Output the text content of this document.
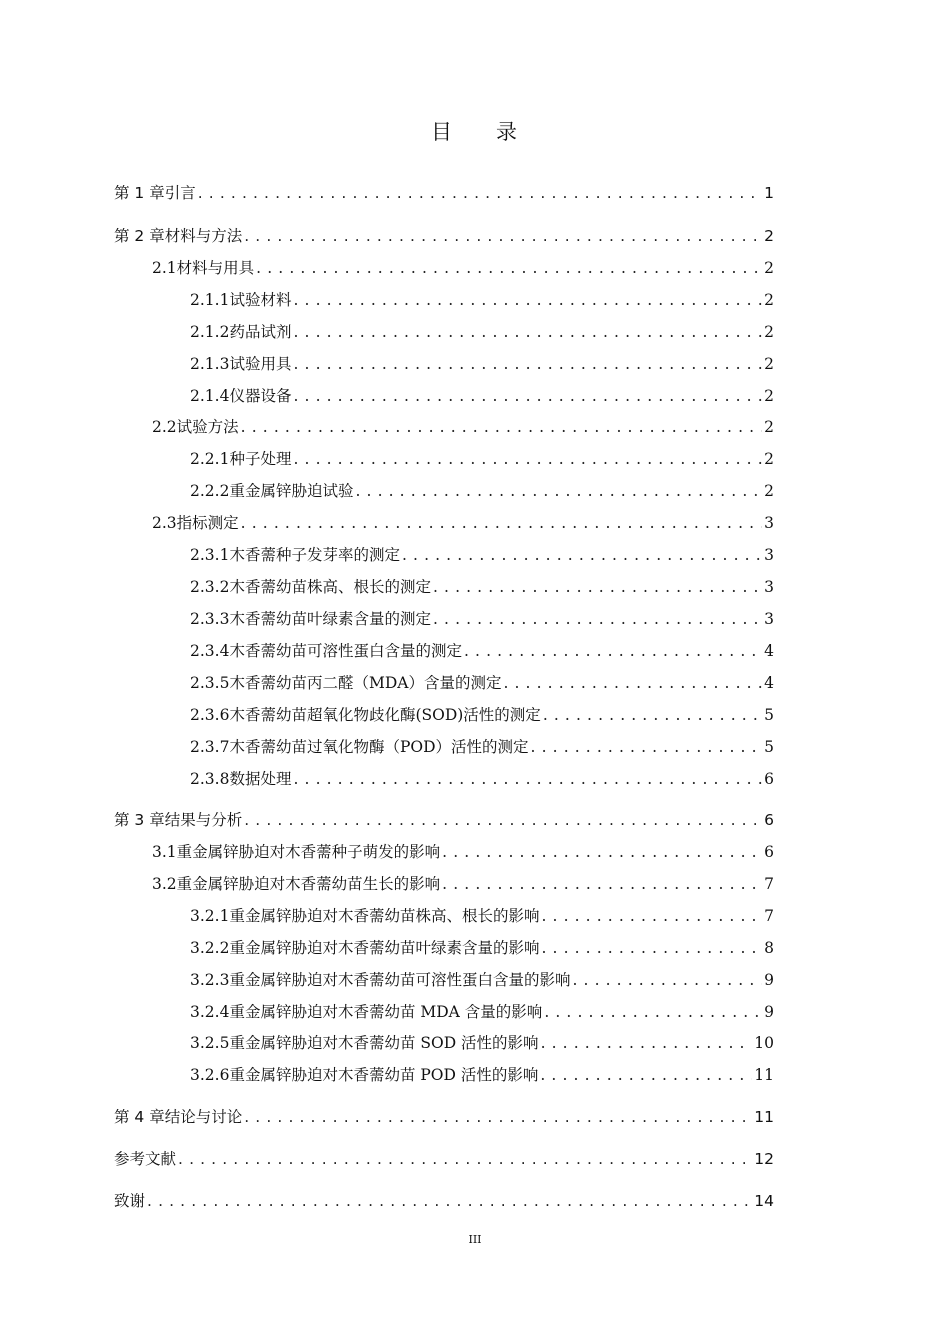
目 录
第 1 章 引言 . . .	1
第 2 章 材料与方法 . . .	2
2.1 材料与用具 . . .	2
2.1.1 试验材料 . . .	2
2.1.2 药品试剂 . . .	2
2.1.3 试验用具 . . .	2
2.1.4 仪器设备 . . .	2
2.2 试验方法 . . .	2
2.2.1 种子处理 . . .	2
2.2.2 重金属锌胁迫试验 . . .	2
2.3 指标测定 . . .	3
2.3.1 木香薷种子发芽率的测定 . . .	3
2.3.2 木香薷幼苗株高、根长的测定 . . .	3
2.3.3 木香薷幼苗叶绿素含量的测定 . . .	3
2.3.4 木香薷幼苗可溶性蛋白含量的测定 . . .	4
2.3.5 木香薷幼苗丙二醛（MDA）含量的测定 . . .	4
2.3.6 木香薷幼苗超氧化物歧化酶(SOD)活性的测定 . . .	5
2.3.7 木香薷幼苗过氧化物酶（POD）活性的测定 . . .	5
2.3.8 数据处理 . . .	6
第 3 章 结果与分析 . . .	6
3.1 重金属锌胁迫对木香薷种子萌发的影响 . . .	6
3.2 重金属锌胁迫对木香薷幼苗生长的影响 . . .	7
3.2.1 重金属锌胁迫对木香薷幼苗株高、根长的影响 . . .	7
3.2.2 重金属锌胁迫对木香薷幼苗叶绿素含量的影响 . . .	8
3.2.3 重金属锌胁迫对木香薷幼苗可溶性蛋白含量的影响 . . .	9
3.2.4 重金属锌胁迫对木香薷幼苗 MDA 含量的影响 . . .	9
3.2.5 重金属锌胁迫对木香薷幼苗 SOD 活性的影响 . . .	10
3.2.6 重金属锌胁迫对木香薷幼苗 POD 活性的影响 . . .	11
第 4 章 结论与讨论 . . .	11
参考文献 . . .	12
致谢 . . .	14
III
